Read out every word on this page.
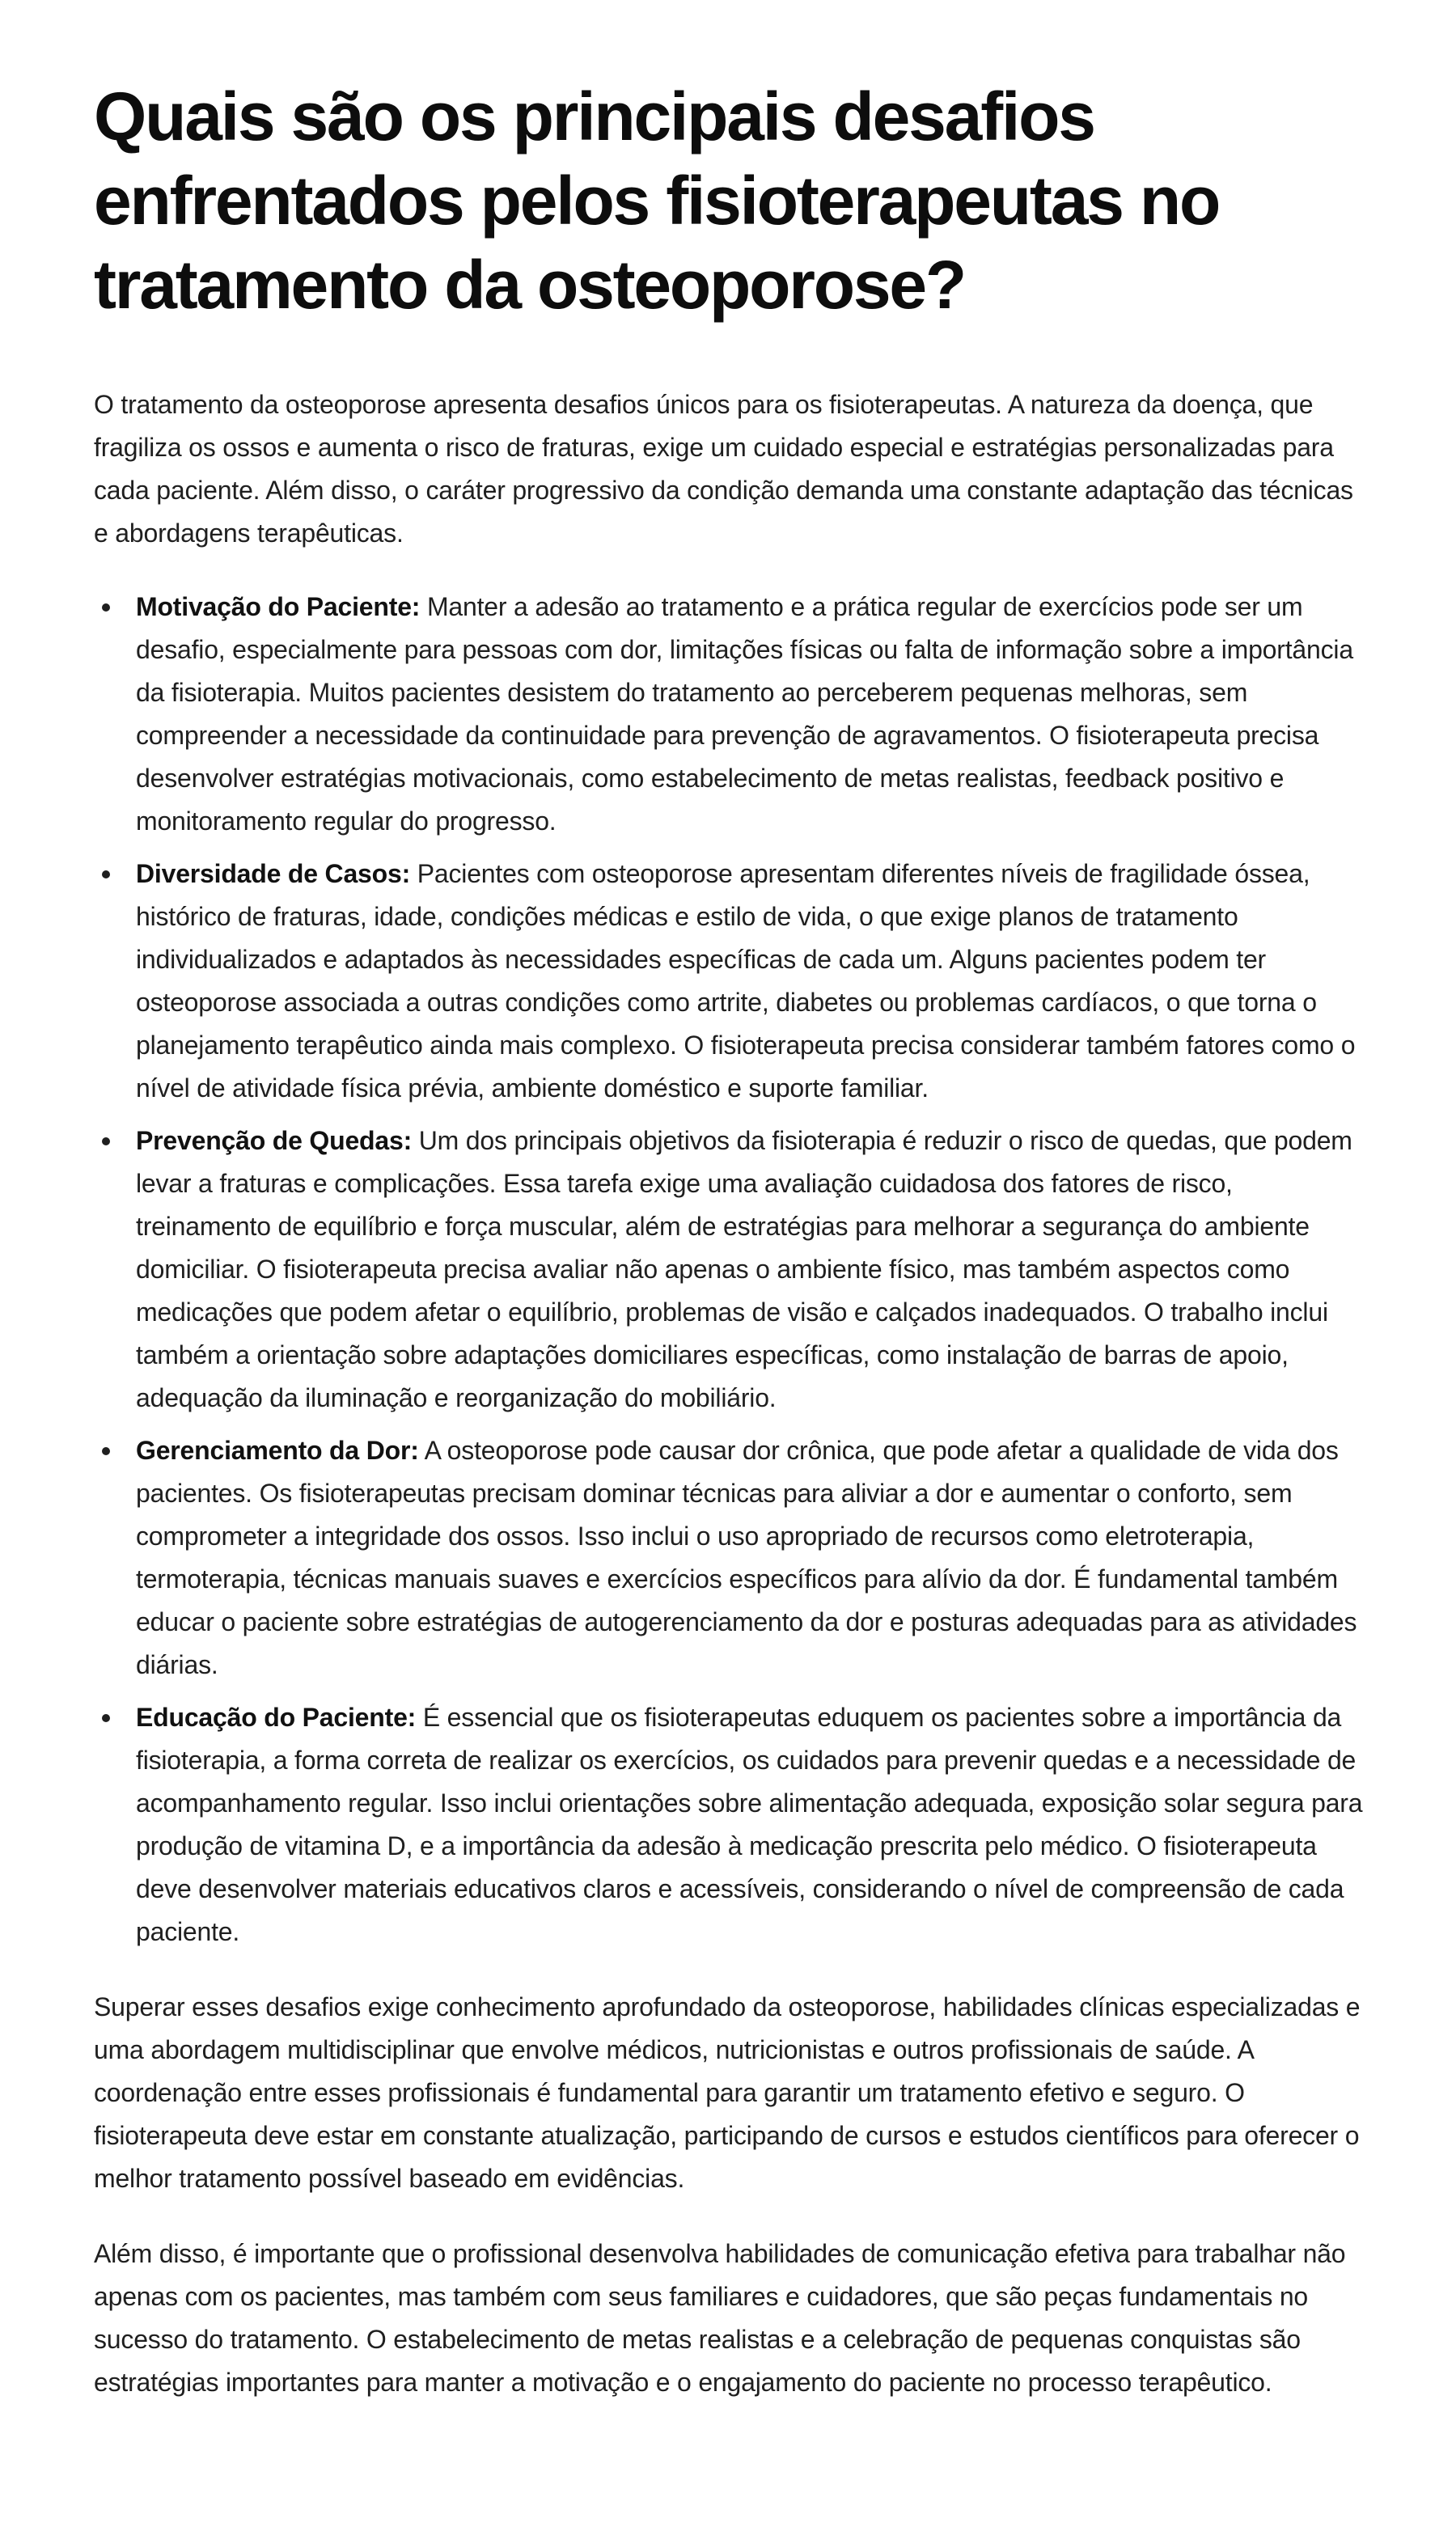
Quais são os principais desafios enfrentados pelos fisioterapeutas no tratamento da osteoporose?

O tratamento da osteoporose apresenta desafios únicos para os fisioterapeutas. A natureza da doença, que fragiliza os ossos e aumenta o risco de fraturas, exige um cuidado especial e estratégias personalizadas para cada paciente. Além disso, o caráter progressivo da condição demanda uma constante adaptação das técnicas e abordagens terapêuticas.

Motivação do Paciente: Manter a adesão ao tratamento e a prática regular de exercícios pode ser um desafio, especialmente para pessoas com dor, limitações físicas ou falta de informação sobre a importância da fisioterapia. Muitos pacientes desistem do tratamento ao perceberem pequenas melhoras, sem compreender a necessidade da continuidade para prevenção de agravamentos. O fisioterapeuta precisa desenvolver estratégias motivacionais, como estabelecimento de metas realistas, feedback positivo e monitoramento regular do progresso.
Diversidade de Casos: Pacientes com osteoporose apresentam diferentes níveis de fragilidade óssea, histórico de fraturas, idade, condições médicas e estilo de vida, o que exige planos de tratamento individualizados e adaptados às necessidades específicas de cada um. Alguns pacientes podem ter osteoporose associada a outras condições como artrite, diabetes ou problemas cardíacos, o que torna o planejamento terapêutico ainda mais complexo. O fisioterapeuta precisa considerar também fatores como o nível de atividade física prévia, ambiente doméstico e suporte familiar.
Prevenção de Quedas: Um dos principais objetivos da fisioterapia é reduzir o risco de quedas, que podem levar a fraturas e complicações. Essa tarefa exige uma avaliação cuidadosa dos fatores de risco, treinamento de equilíbrio e força muscular, além de estratégias para melhorar a segurança do ambiente domiciliar. O fisioterapeuta precisa avaliar não apenas o ambiente físico, mas também aspectos como medicações que podem afetar o equilíbrio, problemas de visão e calçados inadequados. O trabalho inclui também a orientação sobre adaptações domiciliares específicas, como instalação de barras de apoio, adequação da iluminação e reorganização do mobiliário.
Gerenciamento da Dor: A osteoporose pode causar dor crônica, que pode afetar a qualidade de vida dos pacientes. Os fisioterapeutas precisam dominar técnicas para aliviar a dor e aumentar o conforto, sem comprometer a integridade dos ossos. Isso inclui o uso apropriado de recursos como eletroterapia, termoterapia, técnicas manuais suaves e exercícios específicos para alívio da dor. É fundamental também educar o paciente sobre estratégias de autogerenciamento da dor e posturas adequadas para as atividades diárias.
Educação do Paciente: É essencial que os fisioterapeutas eduquem os pacientes sobre a importância da fisioterapia, a forma correta de realizar os exercícios, os cuidados para prevenir quedas e a necessidade de acompanhamento regular. Isso inclui orientações sobre alimentação adequada, exposição solar segura para produção de vitamina D, e a importância da adesão à medicação prescrita pelo médico. O fisioterapeuta deve desenvolver materiais educativos claros e acessíveis, considerando o nível de compreensão de cada paciente.

Superar esses desafios exige conhecimento aprofundado da osteoporose, habilidades clínicas especializadas e uma abordagem multidisciplinar que envolve médicos, nutricionistas e outros profissionais de saúde. A coordenação entre esses profissionais é fundamental para garantir um tratamento efetivo e seguro. O fisioterapeuta deve estar em constante atualização, participando de cursos e estudos científicos para oferecer o melhor tratamento possível baseado em evidências.

Além disso, é importante que o profissional desenvolva habilidades de comunicação efetiva para trabalhar não apenas com os pacientes, mas também com seus familiares e cuidadores, que são peças fundamentais no sucesso do tratamento. O estabelecimento de metas realistas e a celebração de pequenas conquistas são estratégias importantes para manter a motivação e o engajamento do paciente no processo terapêutico.
